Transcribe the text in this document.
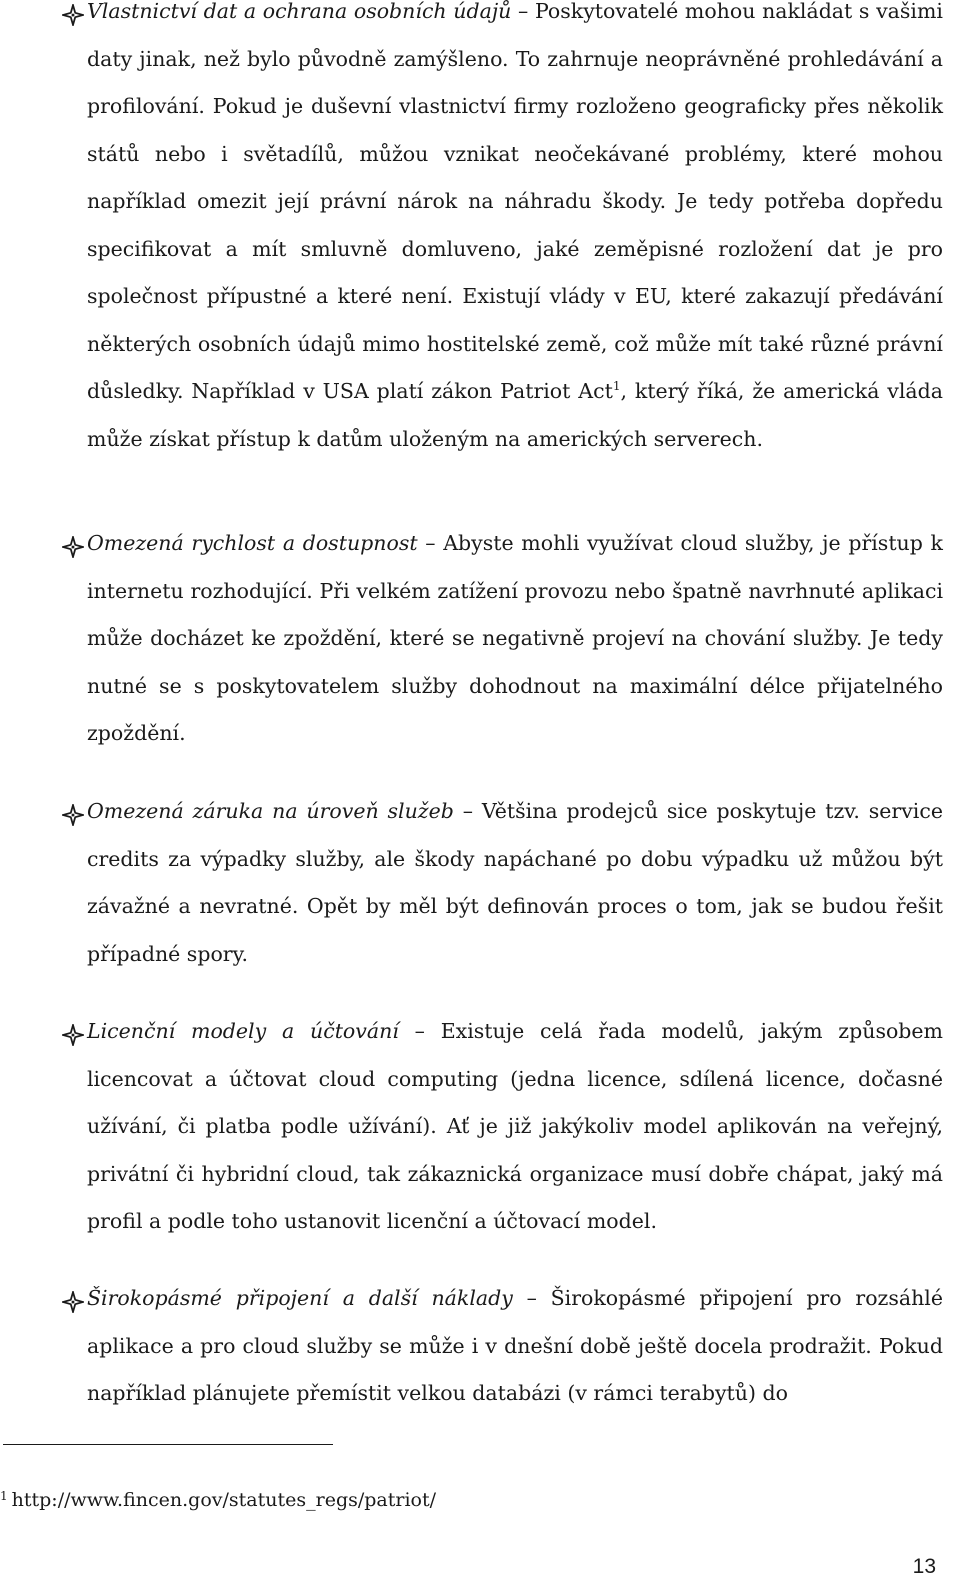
Vlastnictví dat a ochrana osobních údajů – Poskytovatelé mohou nakládat s vašimi daty jinak, než bylo původně zamýšleno. To zahrnuje neoprávněné prohledávání a profilování. Pokud je duševní vlastnictví firmy rozloženo geograficky přes několik států nebo i světadílů, můžou vznikat neočekávané problémy, které mohou například omezit její právní nárok na náhradu škody. Je tedy potřeba dopředu specifikovat a mít smluvně domluveno, jaké zeměpisné rozložení dat je pro společnost přípustné a které není. Existují vlády v EU, které zakazují předávání některých osobních údajů mimo hostitelské země, což může mít také různé právní důsledky. Například v USA platí zákon Patriot Act$^1$, který říká, že americká vláda může získat přístup k datům uloženým na amerických serverech.

Omezená rychlost a dostupnost – Abyste mohli využívat cloud služby, je přístup k internetu rozhodující. Při velkém zatížení provozu nebo špatně navrhnuté aplikaci může docházet ke zpoždění, které se negativně projeví na chování služby. Je tedy nutné se s poskytovatelem služby dohodnout na maximální délce přijatelného zpoždění.

Omezená záruka na úroveň služeb – Většina prodejců sice poskytuje tzv. service credits za výpadky služby, ale škody napáchané po dobu výpadku už můžou být závažné a nevratné. Opět by měl být definován proces o tom, jak se budou řešit případné spory.

Licenční modely a účtování – Existuje celá řada modelů, jakým způsobem licencovat a účtovat cloud computing (jedna licence, sdílená licence, dočasné užívání, či platba podle užívání). Ať je již jakýkoliv model aplikován na veřejný, privátní či hybridní cloud, tak zákaznická organizace musí dobře chápat, jaký má profil a podle toho ustanovit licenční a účtovací model.

Širokopásmé připojení a další náklady – Širokopásmé připojení pro rozsáhlé aplikace a pro cloud služby se může i v dnešní době ještě docela prodražit. Pokud například plánujete přemístit velkou databázi (v rámci terabytů) do

$^1$ http://www.fincen.gov/statutes_regs/patriot/
13
